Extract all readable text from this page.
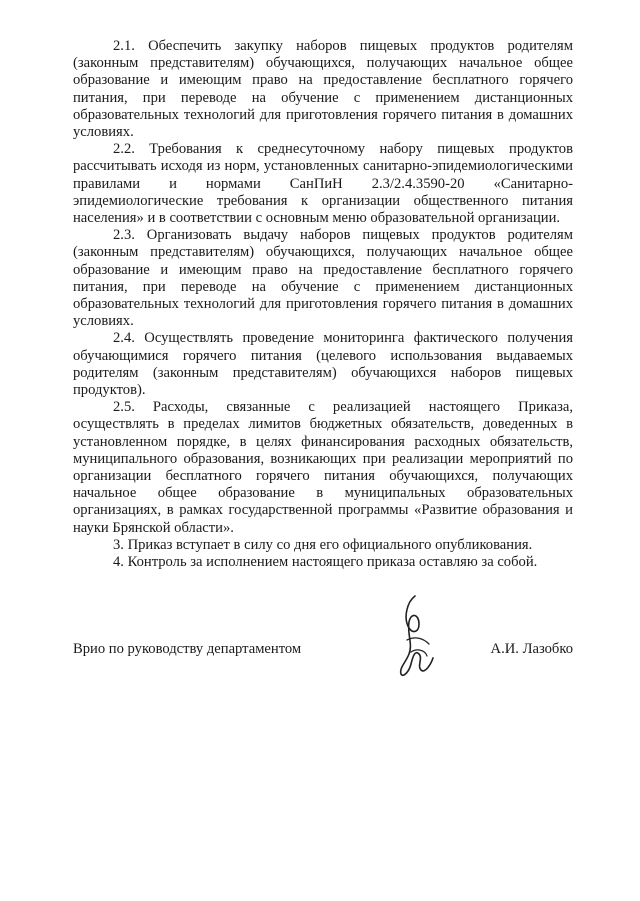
2.1. Обеспечить закупку наборов пищевых продуктов родителям (законным представителям) обучающихся, получающих начальное общее образование и имеющим право на предоставление бесплатного горячего питания, при переводе на обучение с применением дистанционных образовательных технологий для приготовления горячего питания в домашних условиях.

2.2. Требования к среднесуточному набору пищевых продуктов рассчитывать исходя из норм, установленных санитарно-эпидемиологическими правилами и нормами СанПиН 2.3/2.4.3590-20 «Санитарно-эпидемиологические требования к организации общественного питания населения» и в соответствии с основным меню образовательной организации.

2.3. Организовать выдачу наборов пищевых продуктов родителям (законным представителям) обучающихся, получающих начальное общее образование и имеющим право на предоставление бесплатного горячего питания, при переводе на обучение с применением дистанционных образовательных технологий для приготовления горячего питания в домашних условиях.

2.4. Осуществлять проведение мониторинга фактического получения обучающимися горячего питания (целевого использования выдаваемых родителям (законным представителям) обучающихся наборов пищевых продуктов).

2.5. Расходы, связанные с реализацией настоящего Приказа, осуществлять в пределах лимитов бюджетных обязательств, доведенных в установленном порядке, в целях финансирования расходных обязательств, муниципального образования, возникающих при реализации мероприятий по организации бесплатного горячего питания обучающихся, получающих начальное общее образование в муниципальных образовательных организациях, в рамках государственной программы «Развитие образования и науки Брянской области».

3. Приказ вступает в силу со дня его официального опубликования.

4. Контроль за исполнением настоящего приказа оставляю за собой.

Врио по руководству департаментом	А.И. Лазобко
